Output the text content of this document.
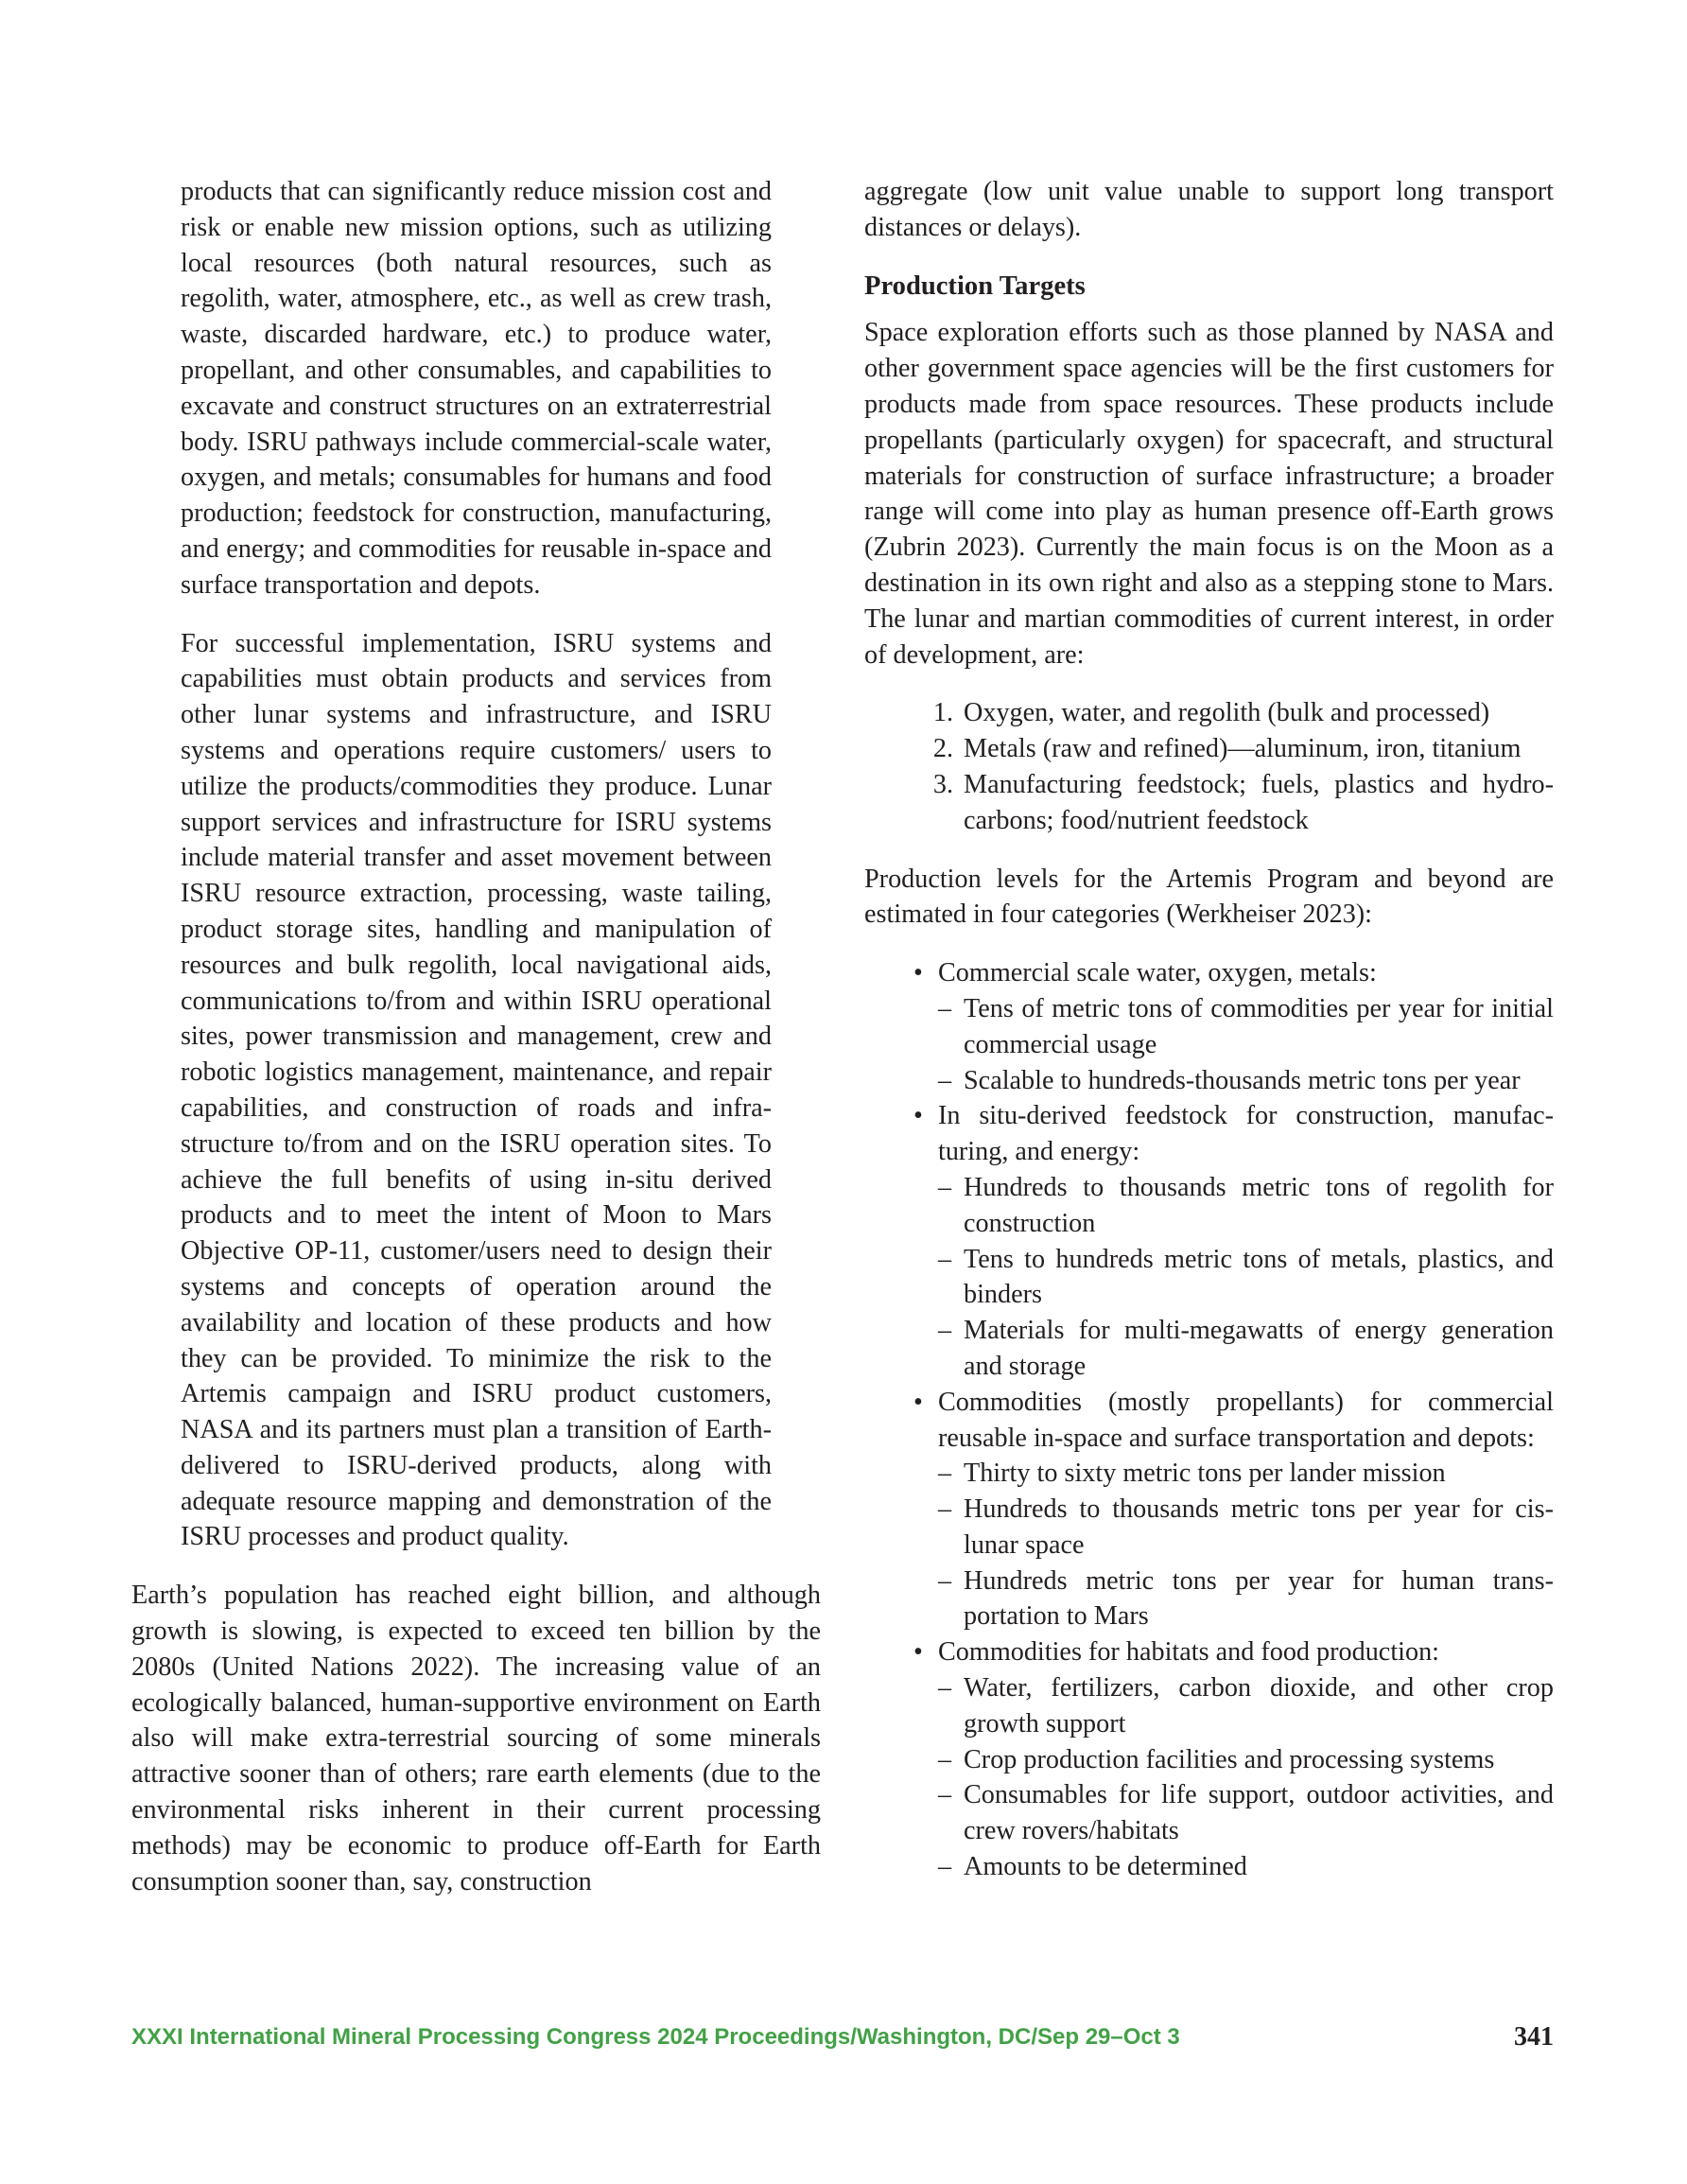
products that can significantly reduce mission cost and risk or enable new mission options, such as utilizing local resources (both natural resources, such as regolith, water, atmosphere, etc., as well as crew trash, waste, discarded hardware, etc.) to produce water, propellant, and other consumables, and capabilities to excavate and construct structures on an extraterrestrial body. ISRU pathways include commercial-scale water, oxygen, and metals; consumables for humans and food production; feedstock for construction, manufacturing, and energy; and commodities for reusable in-space and surface transportation and depots.

For successful implementation, ISRU systems and capabilities must obtain products and services from other lunar systems and infrastructure, and ISRU systems and operations require customers/ users to utilize the products/commodities they produce. Lunar support services and infrastructure for ISRU systems include material transfer and asset movement between ISRU resource extraction, processing, waste tailing, product storage sites, handling and manipulation of resources and bulk regolith, local navigational aids, communications to/from and within ISRU operational sites, power transmission and management, crew and robotic logistics management, maintenance, and repair capabilities, and construction of roads and infrastructure to/from and on the ISRU operation sites. To achieve the full benefits of using in-situ derived products and to meet the intent of Moon to Mars Objective OP-11, customer/users need to design their systems and concepts of operation around the availability and location of these products and how they can be provided. To minimize the risk to the Artemis campaign and ISRU product customers, NASA and its partners must plan a transition of Earth-delivered to ISRU-derived products, along with adequate resource mapping and demonstration of the ISRU processes and product quality.

Earth’s population has reached eight billion, and although growth is slowing, is expected to exceed ten billion by the 2080s (United Nations 2022). The increasing value of an ecologically balanced, human-supportive environment on Earth also will make extra-terrestrial sourcing of some minerals attractive sooner than of others; rare earth elements (due to the environmental risks inherent in their current processing methods) may be economic to produce off-Earth for Earth consumption sooner than, say, construction

aggregate (low unit value unable to support long transport distances or delays).

Production Targets

Space exploration efforts such as those planned by NASA and other government space agencies will be the first customers for products made from space resources. These products include propellants (particularly oxygen) for spacecraft, and structural materials for construction of surface infrastructure; a broader range will come into play as human presence off-Earth grows (Zubrin 2023). Currently the main focus is on the Moon as a destination in its own right and also as a stepping stone to Mars. The lunar and martian commodities of current interest, in order of development, are:

1. Oxygen, water, and regolith (bulk and processed)
2. Metals (raw and refined)—aluminum, iron, titanium
3. Manufacturing feedstock; fuels, plastics and hydrocarbons; food/nutrient feedstock

Production levels for the Artemis Program and beyond are estimated in four categories (Werkheiser 2023):

• Commercial scale water, oxygen, metals:
– Tens of metric tons of commodities per year for initial commercial usage
– Scalable to hundreds-thousands metric tons per year
• In situ-derived feedstock for construction, manufacturing, and energy:
– Hundreds to thousands metric tons of regolith for construction
– Tens to hundreds metric tons of metals, plastics, and binders
– Materials for multi-megawatts of energy generation and storage
• Commodities (mostly propellants) for commercial reusable in-space and surface transportation and depots:
– Thirty to sixty metric tons per lander mission
– Hundreds to thousands metric tons per year for cis-lunar space
– Hundreds metric tons per year for human transportation to Mars
• Commodities for habitats and food production:
– Water, fertilizers, carbon dioxide, and other crop growth support
– Crop production facilities and processing systems
– Consumables for life support, outdoor activities, and crew rovers/habitats
– Amounts to be determined
XXXI International Mineral Processing Congress 2024 Proceedings/Washington, DC/Sep 29–Oct 3	341
